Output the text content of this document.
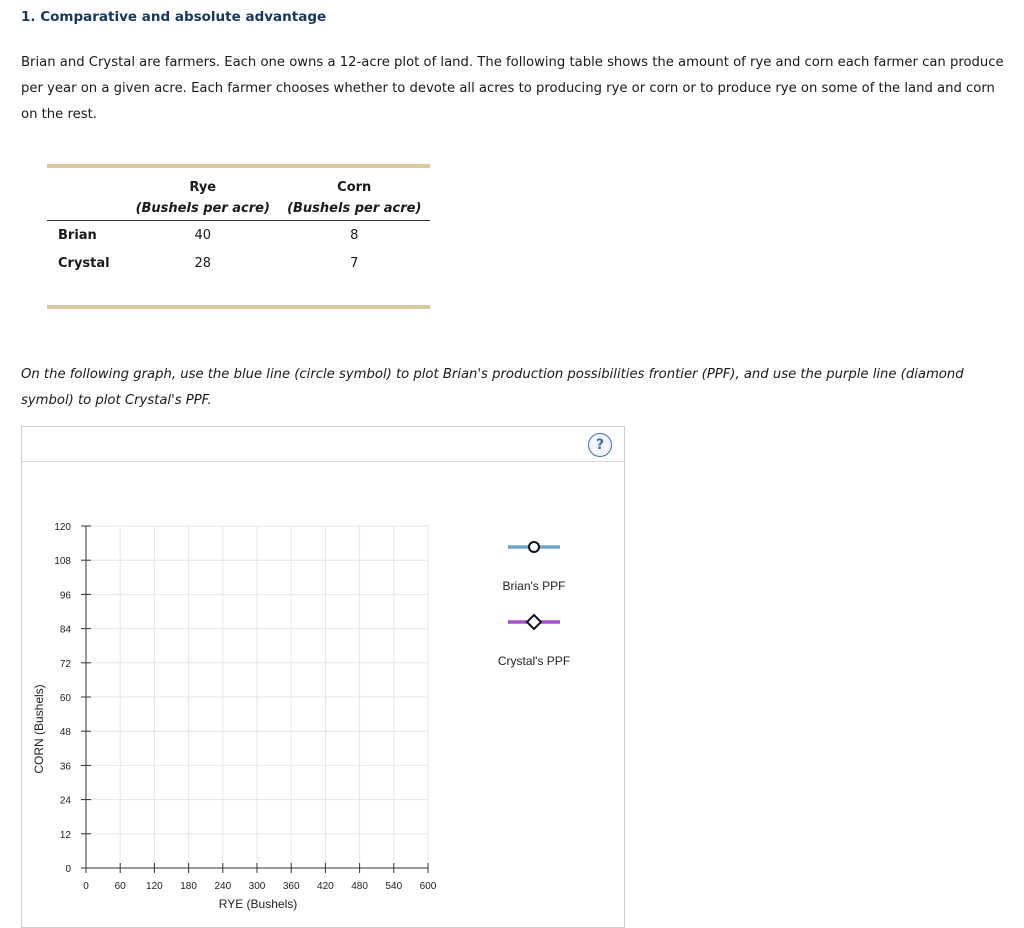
1. Comparative and absolute advantage
Brian and Crystal are farmers. Each one owns a 12-acre plot of land. The following table shows the amount of rye and corn each farmer can produce per year on a given acre. Each farmer chooses whether to devote all acres to producing rye or corn or to produce rye on some of the land and corn on the rest.
	Rye	Corn
	(Bushels per acre)	(Bushels per acre)
Brian	40	8
Crystal	28	7

On the following graph, use the blue line (circle symbol) to plot Brian's production possibilities frontier (PPF), and use the purple line (diamond symbol) to plot Crystal's PPF.
?
0	60 120 180 240 300 360 420 480 540 600
0
12
24
36
48
60
72
84
96
108
120
RYE (Bushels)
CORN (Bushels)
Brian's PPF
Crystal's PPF
